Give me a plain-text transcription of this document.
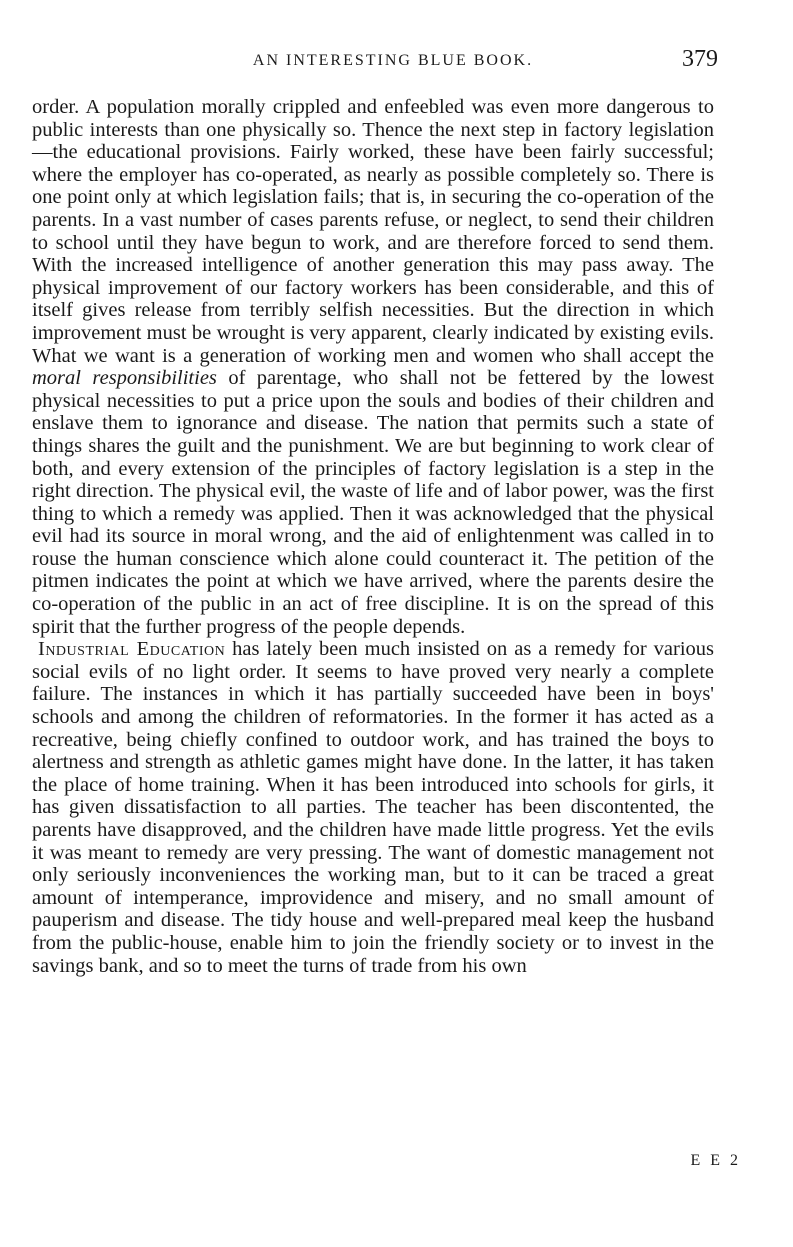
AN INTERESTING BLUE BOOK.	379

order. A population morally crippled and enfeebled was even more dangerous to public interests than one physically so. Thence the next step in factory legislation—the educational provisions. Fairly worked, these have been fairly successful; where the employer has co-operated, as nearly as possible completely so. There is one point only at which legislation fails; that is, in securing the co-operation of the parents. In a vast number of cases parents refuse, or neglect, to send their children to school until they have begun to work, and are therefore forced to send them. With the increased intelligence of another generation this may pass away. The physical improvement of our factory workers has been considerable, and this of itself gives release from terribly selfish necessities. But the direction in which improvement must be wrought is very apparent, clearly indicated by existing evils. What we want is a generation of working men and women who shall accept the moral responsibilities of parentage, who shall not be fettered by the lowest physical necessities to put a price upon the souls and bodies of their children and enslave them to ignorance and disease. The nation that permits such a state of things shares the guilt and the punishment. We are but beginning to work clear of both, and every extension of the principles of factory legislation is a step in the right direction. The physical evil, the waste of life and of labor power, was the first thing to which a remedy was applied. Then it was acknowledged that the physical evil had its source in moral wrong, and the aid of enlightenment was called in to rouse the human conscience which alone could counteract it. The petition of the pitmen indicates the point at which we have arrived, where the parents desire the co-operation of the public in an act of free discipline. It is on the spread of this spirit that the further progress of the people depends.

Industrial Education has lately been much insisted on as a remedy for various social evils of no light order. It seems to have proved very nearly a complete failure. The instances in which it has partially succeeded have been in boys' schools and among the children of reformatories. In the former it has acted as a recreative, being chiefly confined to outdoor work, and has trained the boys to alertness and strength as athletic games might have done. In the latter, it has taken the place of home training. When it has been introduced into schools for girls, it has given dissatisfaction to all parties. The teacher has been discontented, the parents have disapproved, and the children have made little progress. Yet the evils it was meant to remedy are very pressing. The want of domestic management not only seriously inconveniences the working man, but to it can be traced a great amount of intemperance, improvidence and misery, and no small amount of pauperism and disease. The tidy house and well-prepared meal keep the husband from the public-house, enable him to join the friendly society or to invest in the savings bank, and so to meet the turns of trade from his own

E E 2
